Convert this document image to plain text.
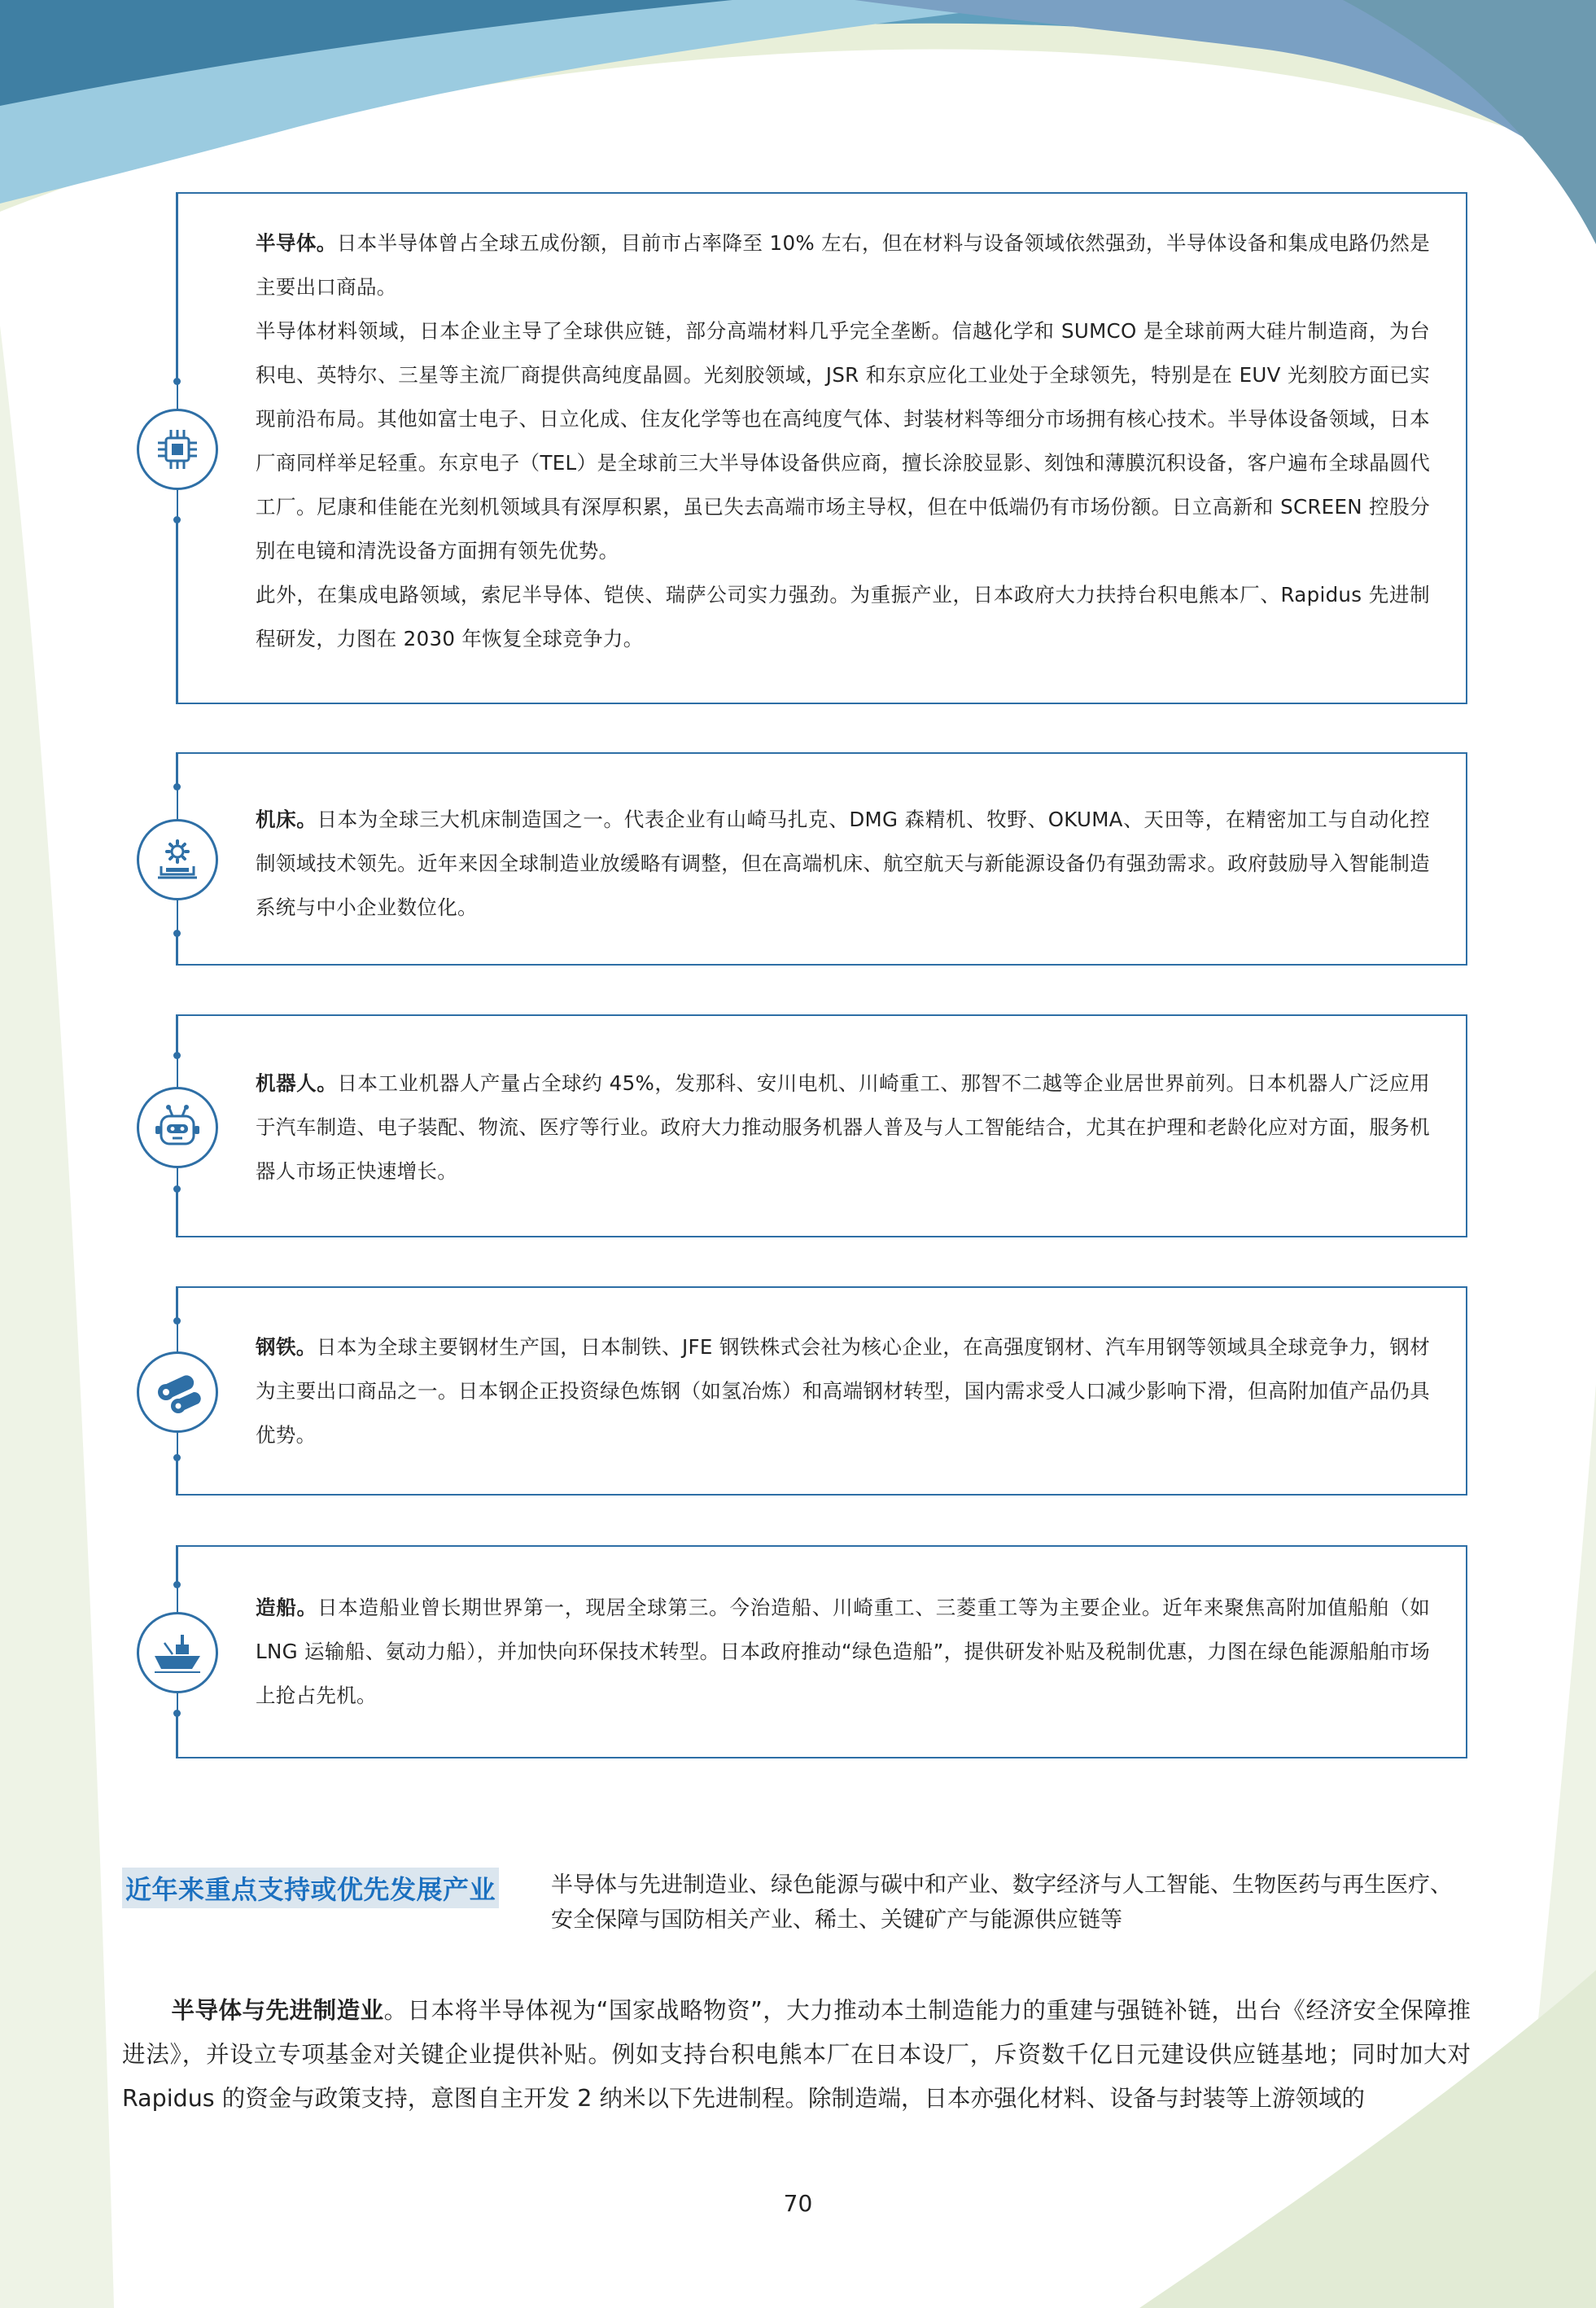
半导体。日本半导体曾占全球五成份额，目前市占率降至 10% 左右，但在材料与设备领域依然强劲，半导体设备和集成电路仍然是主要出口商品。

半导体材料领域，日本企业主导了全球供应链，部分高端材料几乎完全垄断。信越化学和 SUMCO 是全球前两大硅片制造商，为台积电、英特尔、三星等主流厂商提供高纯度晶圆。光刻胶领域，JSR 和东京应化工业处于全球领先，特别是在 EUV 光刻胶方面已实现前沿布局。其他如富士电子、日立化成、住友化学等也在高纯度气体、封装材料等细分市场拥有核心技术。半导体设备领域，日本厂商同样举足轻重。东京电子（TEL）是全球前三大半导体设备供应商，擅长涂胶显影、刻蚀和薄膜沉积设备，客户遍布全球晶圆代工厂。尼康和佳能在光刻机领域具有深厚积累，虽已失去高端市场主导权，但在中低端仍有市场份额。日立高新和 SCREEN 控股分别在电镜和清洗设备方面拥有领先优势。

此外，在集成电路领域，索尼半导体、铠侠、瑞萨公司实力强劲。为重振产业，日本政府大力扶持台积电熊本厂、Rapidus 先进制程研发，力图在 2030 年恢复全球竞争力。

机床。日本为全球三大机床制造国之一。代表企业有山崎马扎克、DMG 森精机、牧野、OKUMA、天田等，在精密加工与自动化控制领域技术领先。近年来因全球制造业放缓略有调整，但在高端机床、航空航天与新能源设备仍有强劲需求。政府鼓励导入智能制造系统与中小企业数位化。

机器人。日本工业机器人产量占全球约 45%，发那科、安川电机、川崎重工、那智不二越等企业居世界前列。日本机器人广泛应用于汽车制造、电子装配、物流、医疗等行业。政府大力推动服务机器人普及与人工智能结合，尤其在护理和老龄化应对方面，服务机器人市场正快速增长。

钢铁。日本为全球主要钢材生产国，日本制铁、JFE 钢铁株式会社为核心企业，在高强度钢材、汽车用钢等领域具全球竞争力，钢材为主要出口商品之一。日本钢企正投资绿色炼钢（如氢冶炼）和高端钢材转型，国内需求受人口减少影响下滑，但高附加值产品仍具优势。

造船。日本造船业曾长期世界第一，现居全球第三。今治造船、川崎重工、三菱重工等为主要企业。近年来聚焦高附加值船舶（如 LNG 运输船、氨动力船），并加快向环保技术转型。日本政府推动“绿色造船”，提供研发补贴及税制优惠，力图在绿色能源船舶市场上抢占先机。

近年来重点支持或优先发展产业	半导体与先进制造业、绿色能源与碳中和产业、数字经济与人工智能、生物医药与再生医疗、安全保障与国防相关产业、稀土、关键矿产与能源供应链等

半导体与先进制造业。日本将半导体视为“国家战略物资”，大力推动本土制造能力的重建与强链补链，出台《经济安全保障推进法》，并设立专项基金对关键企业提供补贴。例如支持台积电熊本厂在日本设厂，斥资数千亿日元建设供应链基地；同时加大对 Rapidus 的资金与政策支持，意图自主开发 2 纳米以下先进制程。除制造端，日本亦强化材料、设备与封装等上游领域的

70
